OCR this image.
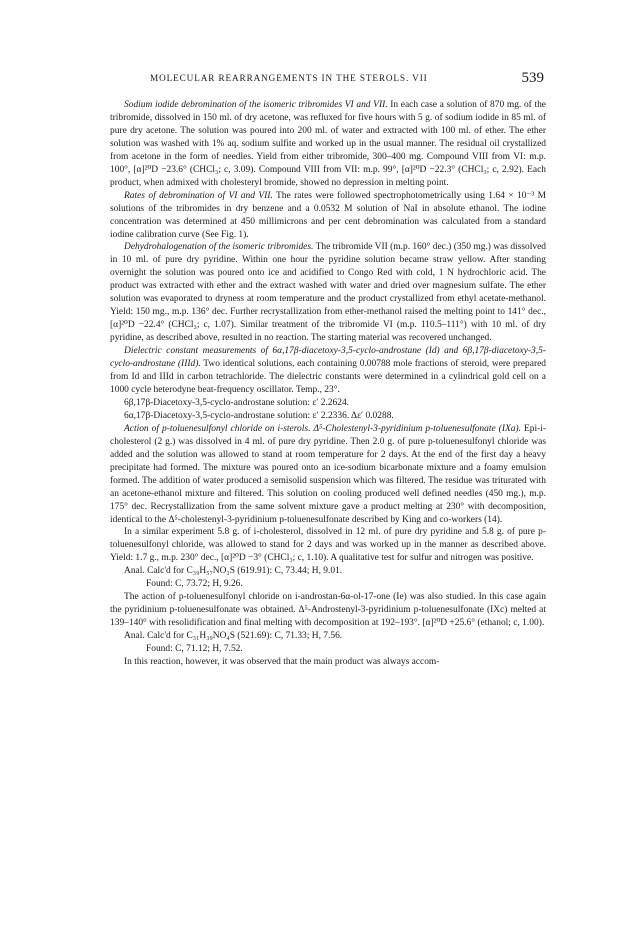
MOLECULAR REARRANGEMENTS IN THE STEROLS. VII	539

Sodium iodide debromination of the isomeric tribromides VI and VII. In each case a solution of 870 mg. of the tribromide, dissolved in 150 ml. of dry acetone, was refluxed for five hours with 5 g. of sodium iodide in 85 ml. of pure dry acetone. The solution was poured into 200 ml. of water and extracted with 100 ml. of ether. The ether solution was washed with 1% aq. sodium sulfite and worked up in the usual manner. The residual oil crystallized from acetone in the form of needles. Yield from either tribromide, 300–400 mg. Compound VIII from VI: m.p. 100°, [α]²⁰D −23.6° (CHCl₃; c, 3.09). Compound VIII from VII: m.p. 99°, [α]²⁰D −22.3° (CHCl₃; c, 2.92). Each product, when admixed with cholesteryl bromide, showed no depression in melting point.

Rates of debromination of VI and VII. The rates were followed spectrophotometrically using 1.64 × 10⁻³ M solutions of the tribromides in dry benzene and a 0.0532 M solution of NaI in absolute ethanol. The iodine concentration was determined at 450 millimicrons and per cent debromination was calculated from a standard iodine calibration curve (See Fig. 1).

Dehydrohalogenation of the isomeric tribromides. The tribromide VII (m.p. 160° dec.) (350 mg.) was dissolved in 10 ml. of pure dry pyridine. Within one hour the pyridine solution became straw yellow. After standing overnight the solution was poured onto ice and acidified to Congo Red with cold, 1 N hydrochloric acid. The product was extracted with ether and the extract washed with water and dried over magnesium sulfate. The ether solution was evaporated to dryness at room temperature and the product crystallized from ethyl acetate-methanol. Yield: 150 mg., m.p. 136° dec. Further recrystallization from ether-methanol raised the melting point to 141° dec., [α]²⁰D −22.4° (CHCl₃; c, 1.07). Similar treatment of the tribromide VI (m.p. 110.5–111°) with 10 ml. of dry pyridine, as described above, resulted in no reaction. The starting material was recovered unchanged.

Dielectric constant measurements of 6α,17β-diacetoxy-3,5-cyclo-androstane (Id) and 6β,17β-diacetoxy-3,5-cyclo-androstane (IIId). Two identical solutions, each containing 0.00788 mole fractions of steroid, were prepared from Id and IIId in carbon tetrachloride. The dielectric constants were determined in a cylindrical gold cell on a 1000 cycle heterodyne beat-frequency oscillator. Temp., 23°.

6β,17β-Diacetoxy-3,5-cyclo-androstane solution: ε′ 2.2624.

6α,17β-Diacetoxy-3,5-cyclo-androstane solution: ε′ 2.2336. Δε′ 0.0288.

Action of p-toluenesulfonyl chloride on i-sterols. Δ⁵-Cholestenyl-3-pyridinium p-toluenesulfonate (IXa). Epi-i-cholesterol (2 g.) was dissolved in 4 ml. of pure dry pyridine. Then 2.0 g. of pure p-toluenesulfonyl chloride was added and the solution was allowed to stand at room temperature for 2 days. At the end of the first day a heavy precipitate had formed. The mixture was poured onto an ice-sodium bicarbonate mixture and a foamy emulsion formed. The addition of water produced a semisolid suspension which was filtered. The residue was triturated with an acetone-ethanol mixture and filtered. This solution on cooling produced well defined needles (450 mg.), m.p. 175° dec. Recrystallization from the same solvent mixture gave a product melting at 230° with decomposition, identical to the Δ⁵-cholestenyl-3-pyridinium p-toluenesulfonate described by King and co-workers (14).

In a similar experiment 5.8 g. of i-cholesterol, dissolved in 12 ml. of pure dry pyridine and 5.8 g. of pure p-toluenesulfonyl chloride, was allowed to stand for 2 days and was worked up in the manner as described above. Yield: 1.7 g., m.p. 230° dec., [α]²⁰D −3° (CHCl₃; c, 1.10). A qualitative test for sulfur and nitrogen was positive.

Anal. Calc'd for C₃₉H₅₇NO₃S (619.91): C, 73.44; H, 9.01.

Found: C, 73.72; H, 9.26.

The action of p-toluenesulfonyl chloride on i-androstan-6α-ol-17-one (Ie) was also studied. In this case again the pyridinium p-toluenesulfonate was obtained. Δ⁵-Androstenyl-3-pyridinium p-toluenesulfonate (IXc) melted at 139–140° with resolidification and final melting with decomposition at 192–193°. [α]²⁰D +25.6° (ethanol; c, 1.00).

Anal. Calc'd for C₃₁H₃₉NO₄S (521.69): C, 71.33; H, 7.56.

Found: C, 71.12; H, 7.52.

In this reaction, however, it was observed that the main product was always accom-
